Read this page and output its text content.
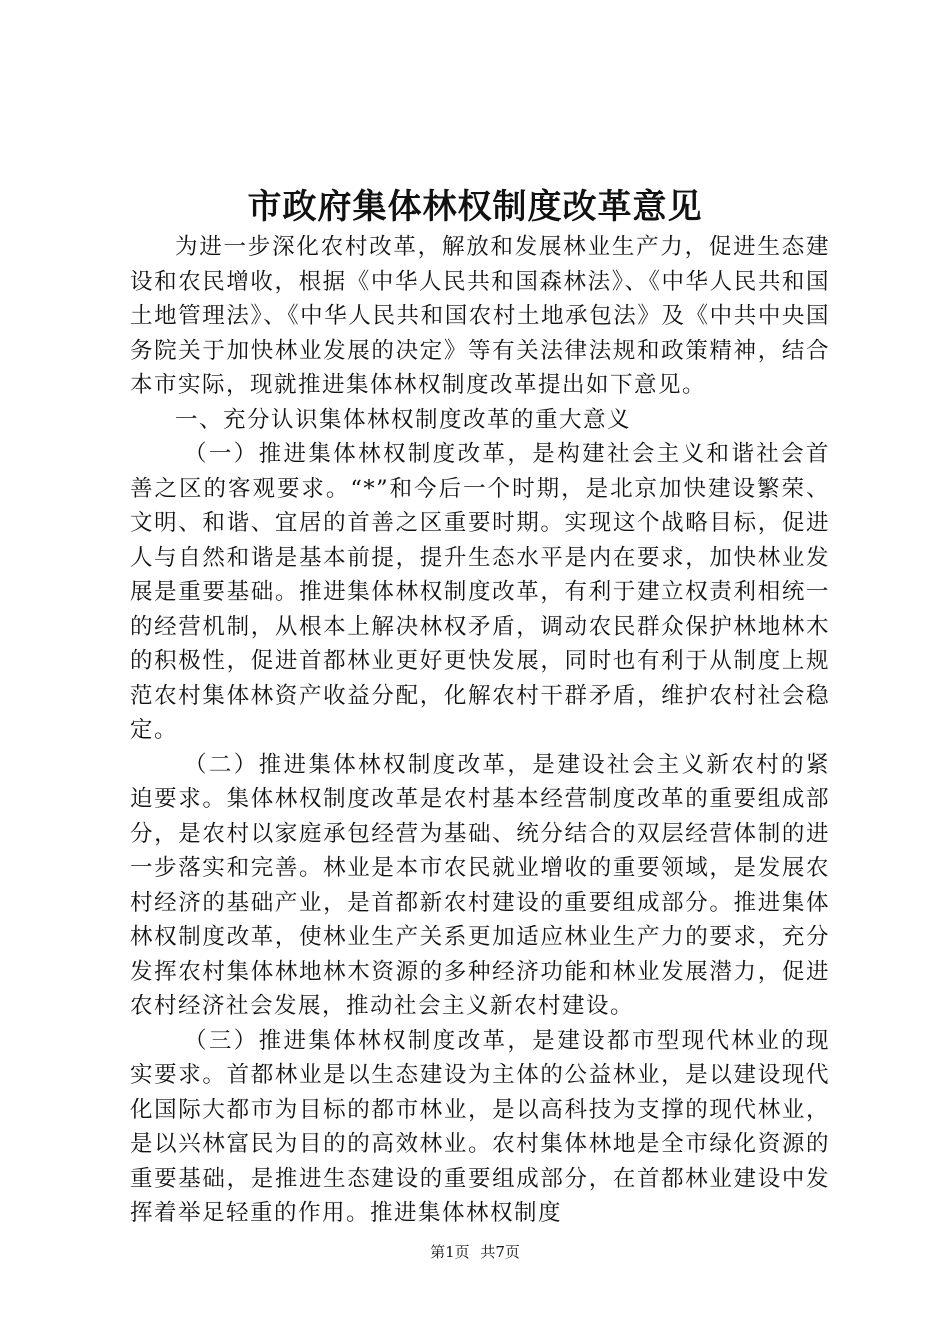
市政府集体林权制度改革意见

为进一步深化农村改革，解放和发展林业生产力，促进生态建设和农民增收，根据《中华人民共和国森林法》、《中华人民共和国土地管理法》、《中华人民共和国农村土地承包法》及《中共中央国务院关于加快林业发展的决定》等有关法律法规和政策精神，结合本市实际，现就推进集体林权制度改革提出如下意见。

一、充分认识集体林权制度改革的重大意义

（一）推进集体林权制度改革，是构建社会主义和谐社会首善之区的客观要求。“*”和今后一个时期，是北京加快建设繁荣、文明、和谐、宜居的首善之区重要时期。实现这个战略目标，促进人与自然和谐是基本前提，提升生态水平是内在要求，加快林业发展是重要基础。推进集体林权制度改革，有利于建立权责利相统一的经营机制，从根本上解决林权矛盾，调动农民群众保护林地林木的积极性，促进首都林业更好更快发展，同时也有利于从制度上规范农村集体林资产收益分配，化解农村干群矛盾，维护农村社会稳定。

（二）推进集体林权制度改革，是建设社会主义新农村的紧迫要求。集体林权制度改革是农村基本经营制度改革的重要组成部分，是农村以家庭承包经营为基础、统分结合的双层经营体制的进一步落实和完善。林业是本市农民就业增收的重要领域，是发展农村经济的基础产业，是首都新农村建设的重要组成部分。推进集体林权制度改革，使林业生产关系更加适应林业生产力的要求，充分发挥农村集体林地林木资源的多种经济功能和林业发展潜力，促进农村经济社会发展，推动社会主义新农村建设。

（三）推进集体林权制度改革，是建设都市型现代林业的现实要求。首都林业是以生态建设为主体的公益林业，是以建设现代化国际大都市为目标的都市林业，是以高科技为支撑的现代林业，是以兴林富民为目的的高效林业。农村集体林地是全市绿化资源的重要基础，是推进生态建设的重要组成部分，在首都林业建设中发挥着举足轻重的作用。推进集体林权制度

第1页 共7页
